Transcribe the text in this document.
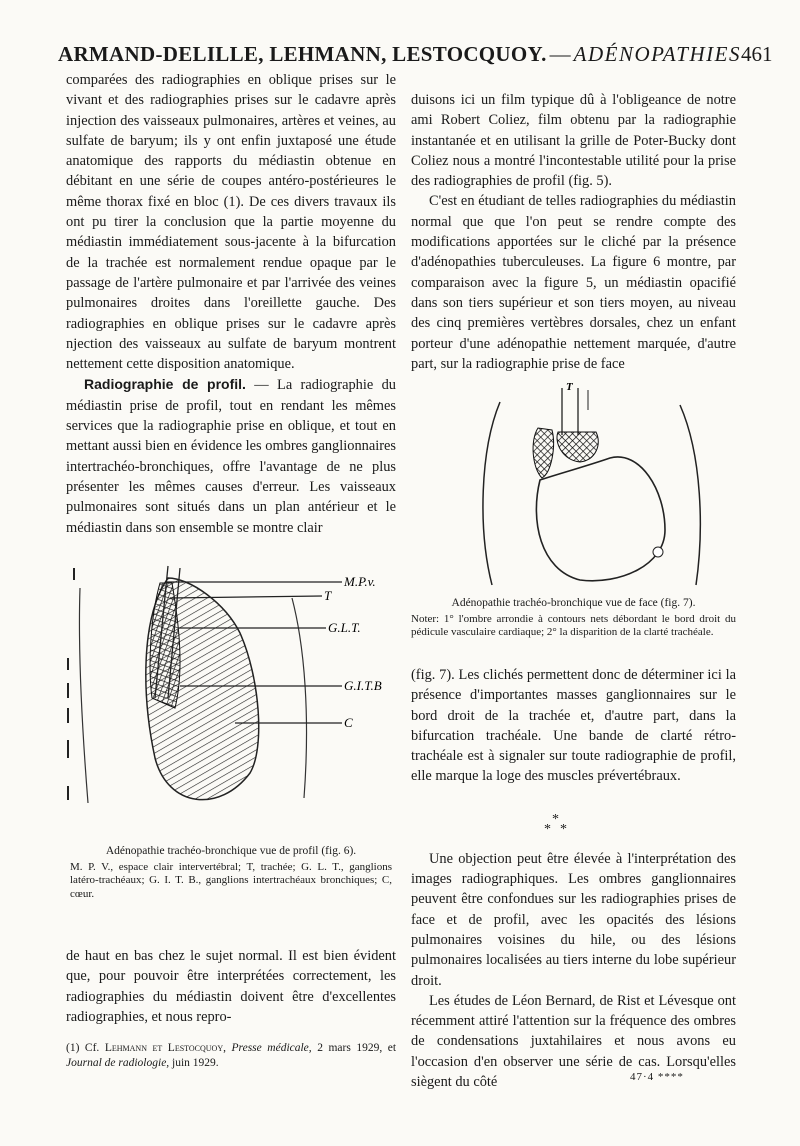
ARMAND-DELILLE, LEHMANN, LESTOCQUOY. — ADÉNOPATHIES 461

comparées des radiographies en oblique prises sur le vivant et des radiographies prises sur le cadavre après injection des vaisseaux pulmonaires, artères et veines, au sulfate de baryum; ils y ont enfin juxtaposé une étude anatomique des rapports du médiastin obtenue en débitant en une série de coupes antéro-postérieures le même thorax fixé en bloc (1). De ces divers travaux ils ont pu tirer la conclusion que la partie moyenne du médiastin immédiatement sous-jacente à la bifurcation de la trachée est normalement rendue opaque par le passage de l'artère pulmonaire et par l'arrivée des veines pulmonaires droites dans l'oreillette gauche. Des radiographies en oblique prises sur le cadavre après njection des vaisseaux au sulfate de baryum montrent nettement cette disposition anatomique.

Radiographie de profil. — La radiographie du médiastin prise de profil, tout en rendant les mêmes services que la radiographie prise en oblique, et tout en mettant aussi bien en évidence les ombres ganglionnaires intertrachéo-bronchiques, offre l'avantage de ne plus présenter les mêmes causes d'erreur. Les vaisseaux pulmonaires sont situés dans un plan antérieur et le médiastin dans son ensemble se montre clair

M.P.v.
T
G.L.T.
G.I.T.B
C
Adénopathie trachéo-bronchique vue de profil (fig. 6).
M. P. V., espace clair intervertébral; T, trachée; G. L. T., ganglions latéro-trachéaux; G. I. T. B., ganglions intertrachéaux bronchiques; C, cœur.

de haut en bas chez le sujet normal. Il est bien évident que, pour pouvoir être interprétées correctement, les radiographies du médiastin doivent être d'excellentes radiographies, et nous repro-

(1) Cf. Lehmann et Lestocquoy, Presse médicale, 2 mars 1929, et Journal de radiologie, juin 1929.

duisons ici un film typique dû à l'obligeance de notre ami Robert Coliez, film obtenu par la radiographie instantanée et en utilisant la grille de Poter-Bucky dont Coliez nous a montré l'incontestable utilité pour la prise des radiographies de profil (fig. 5).

C'est en étudiant de telles radiographies du médiastin normal que que l'on peut se rendre compte des modifications apportées sur le cliché par la présence d'adénopathies tuberculeuses. La figure 6 montre, par comparaison avec la figure 5, un médiastin opacifié dans son tiers supérieur et son tiers moyen, au niveau des cinq premières vertèbres dorsales, chez un enfant porteur d'une adénopathie nettement marquée, d'autre part, sur la radiographie prise de face

T
Adénopathie trachéo-bronchique vue de face (fig. 7).
Noter: 1° l'ombre arrondie à contours nets débordant le bord droit du pédicule vasculaire cardiaque; 2° la disparition de la clarté trachéale.

(fig. 7). Les clichés permettent donc de déterminer ici la présence d'importantes masses ganglionnaires sur le bord droit de la trachée et, d'autre part, dans la bifurcation trachéale. Une bande de clarté rétro-trachéale est à signaler sur toute radiographie de profil, elle marque la loge des muscles prévertébraux.

Une objection peut être élevée à l'interprétation des images radiographiques. Les ombres ganglionnaires peuvent être confondues sur les radiographies prises de face et de profil, avec les opacités des lésions pulmonaires voisines du hile, ou des lésions pulmonaires localisées au tiers interne du lobe supérieur droit.

Les études de Léon Bernard, de Rist et Lévesque ont récemment attiré l'attention sur la fréquence des ombres de condensations juxtahilaires et nous avons eu l'occasion d'en observer une série de cas. Lorsqu'elles siègent du côté

*
* *
47·4 ****
